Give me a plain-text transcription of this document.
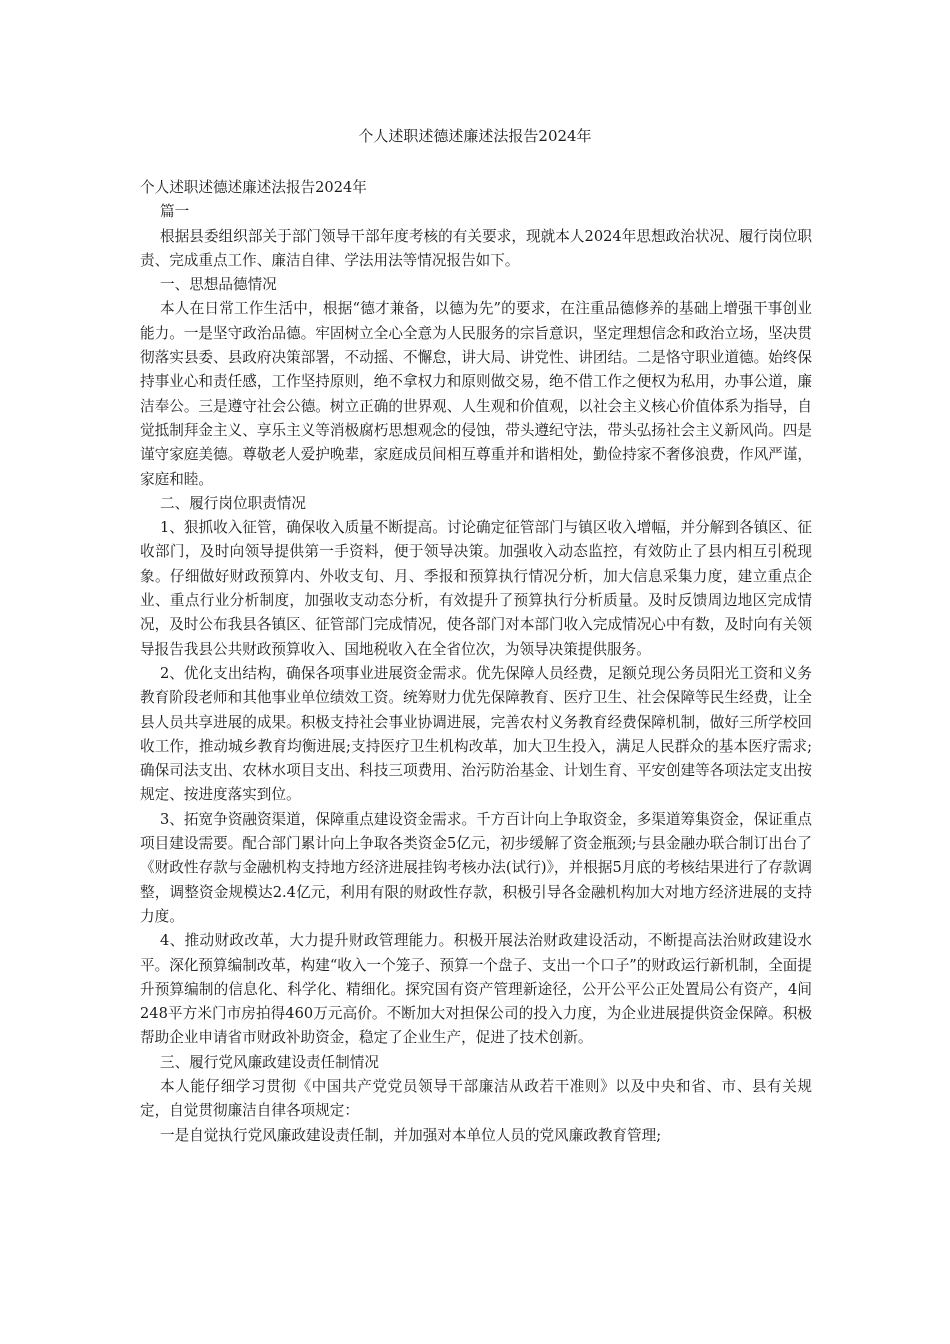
个人述职述德述廉述法报告2024年

个人述职述德述廉述法报告2024年

篇一

根据县委组织部关于部门领导干部年度考核的有关要求，现就本人2024年思想政治状况、履行岗位职责、完成重点工作、廉洁自律、学法用法等情况报告如下。

一、思想品德情况

本人在日常工作生活中，根据“德才兼备，以德为先”的要求，在注重品德修养的基础上增强干事创业能力。一是坚守政治品德。牢固树立全心全意为人民服务的宗旨意识，坚定理想信念和政治立场，坚决贯彻落实县委、县政府决策部署，不动摇、不懈怠，讲大局、讲党性、讲团结。二是恪守职业道德。始终保持事业心和责任感，工作坚持原则，绝不拿权力和原则做交易，绝不借工作之便权为私用，办事公道，廉洁奉公。三是遵守社会公德。树立正确的世界观、人生观和价值观，以社会主义核心价值体系为指导，自觉抵制拜金主义、享乐主义等消极腐朽思想观念的侵蚀，带头遵纪守法，带头弘扬社会主义新风尚。四是谨守家庭美德。尊敬老人爱护晚辈，家庭成员间相互尊重并和谐相处，勤俭持家不奢侈浪费，作风严谨，家庭和睦。

二、履行岗位职责情况

1、狠抓收入征管，确保收入质量不断提高。讨论确定征管部门与镇区收入增幅，并分解到各镇区、征收部门，及时向领导提供第一手资料，便于领导决策。加强收入动态监控，有效防止了县内相互引税现象。仔细做好财政预算内、外收支旬、月、季报和预算执行情况分析，加大信息采集力度，建立重点企业、重点行业分析制度，加强收支动态分析，有效提升了预算执行分析质量。及时反馈周边地区完成情况，及时公布我县各镇区、征管部门完成情况，使各部门对本部门收入完成情况心中有数，及时向有关领导报告我县公共财政预算收入、国地税收入在全省位次，为领导决策提供服务。

2、优化支出结构，确保各项事业进展资金需求。优先保障人员经费，足额兑现公务员阳光工资和义务教育阶段老师和其他事业单位绩效工资。统筹财力优先保障教育、医疗卫生、社会保障等民生经费，让全县人员共享进展的成果。积极支持社会事业协调进展，完善农村义务教育经费保障机制，做好三所学校回收工作，推动城乡教育均衡进展;支持医疗卫生机构改革，加大卫生投入，满足人民群众的基本医疗需求;确保司法支出、农林水项目支出、科技三项费用、治污防治基金、计划生育、平安创建等各项法定支出按规定、按进度落实到位。

3、拓宽争资融资渠道，保障重点建设资金需求。千方百计向上争取资金，多渠道筹集资金，保证重点项目建设需要。配合部门累计向上争取各类资金5亿元，初步缓解了资金瓶颈;与县金融办联合制订出台了《财政性存款与金融机构支持地方经济进展挂钩考核办法(试行)》，并根据5月底的考核结果进行了存款调整，调整资金规模达2.4亿元，利用有限的财政性存款，积极引导各金融机构加大对地方经济进展的支持力度。

4、推动财政改革，大力提升财政管理能力。积极开展法治财政建设活动，不断提高法治财政建设水平。深化预算编制改革，构建“收入一个笼子、预算一个盘子、支出一个口子”的财政运行新机制，全面提升预算编制的信息化、科学化、精细化。探究国有资产管理新途径，公开公平公正处置局公有资产，4间248平方米门市房拍得460万元高价。不断加大对担保公司的投入力度，为企业进展提供资金保障。积极帮助企业申请省市财政补助资金，稳定了企业生产，促进了技术创新。

三、履行党风廉政建设责任制情况

本人能仔细学习贯彻《中国共产党党员领导干部廉洁从政若干准则》以及中央和省、市、县有关规定，自觉贯彻廉洁自律各项规定：

一是自觉执行党风廉政建设责任制，并加强对本单位人员的党风廉政教育管理;
